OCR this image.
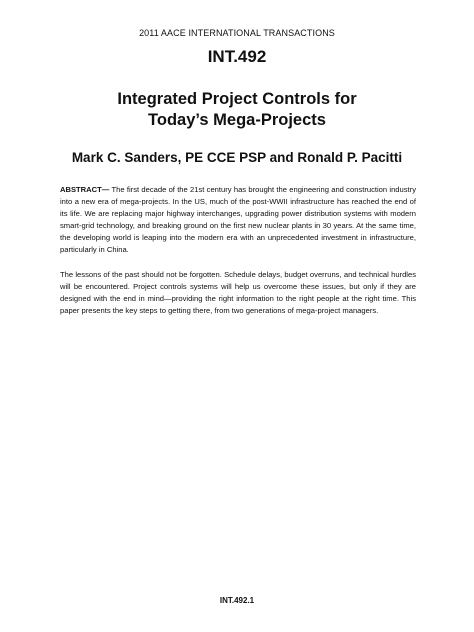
2011 AACE INTERNATIONAL TRANSACTIONS
INT.492
Integrated Project Controls for
Today’s Mega-Projects
Mark C. Sanders, PE CCE PSP and Ronald P. Pacitti
ABSTRACT— The first decade of the 21st century has brought the engineering and construction industry into a new era of mega-projects. In the US, much of the post-WWII infrastructure has reached the end of its life. We are replacing major highway interchanges, upgrading power distribution systems with modern smart-grid technology, and breaking ground on the first new nuclear plants in 30 years. At the same time, the developing world is leaping into the modern era with an unprecedented investment in infrastructure, particularly in China.
The lessons of the past should not be forgotten. Schedule delays, budget overruns, and technical hurdles will be encountered. Project controls systems will help us overcome these issues, but only if they are designed with the end in mind—providing the right information to the right people at the right time. This paper presents the key steps to getting there, from two generations of mega-project managers.
INT.492.1
